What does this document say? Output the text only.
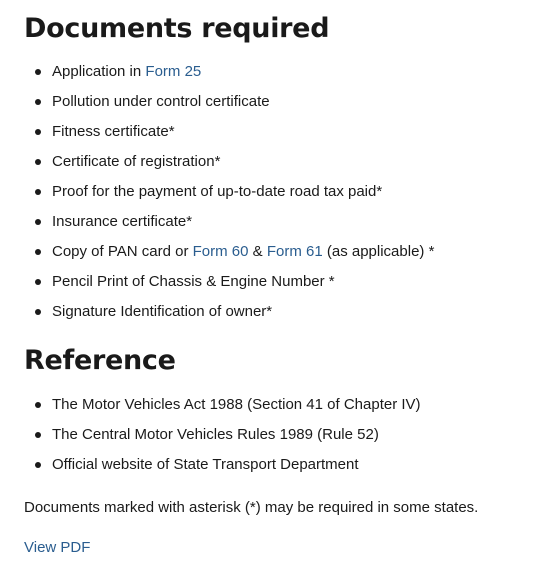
Documents required
Application in Form 25
Pollution under control certificate
Fitness certificate*
Certificate of registration*
Proof for the payment of up-to-date road tax paid*
Insurance certificate*
Copy of PAN card or Form 60 & Form 61 (as applicable) *
Pencil Print of Chassis & Engine Number *
Signature Identification of owner*
Reference
The Motor Vehicles Act 1988 (Section 41 of Chapter IV)
The Central Motor Vehicles Rules 1989 (Rule 52)
Official website of State Transport Department

Documents marked with asterisk (*) may be required in some states.

View PDF
